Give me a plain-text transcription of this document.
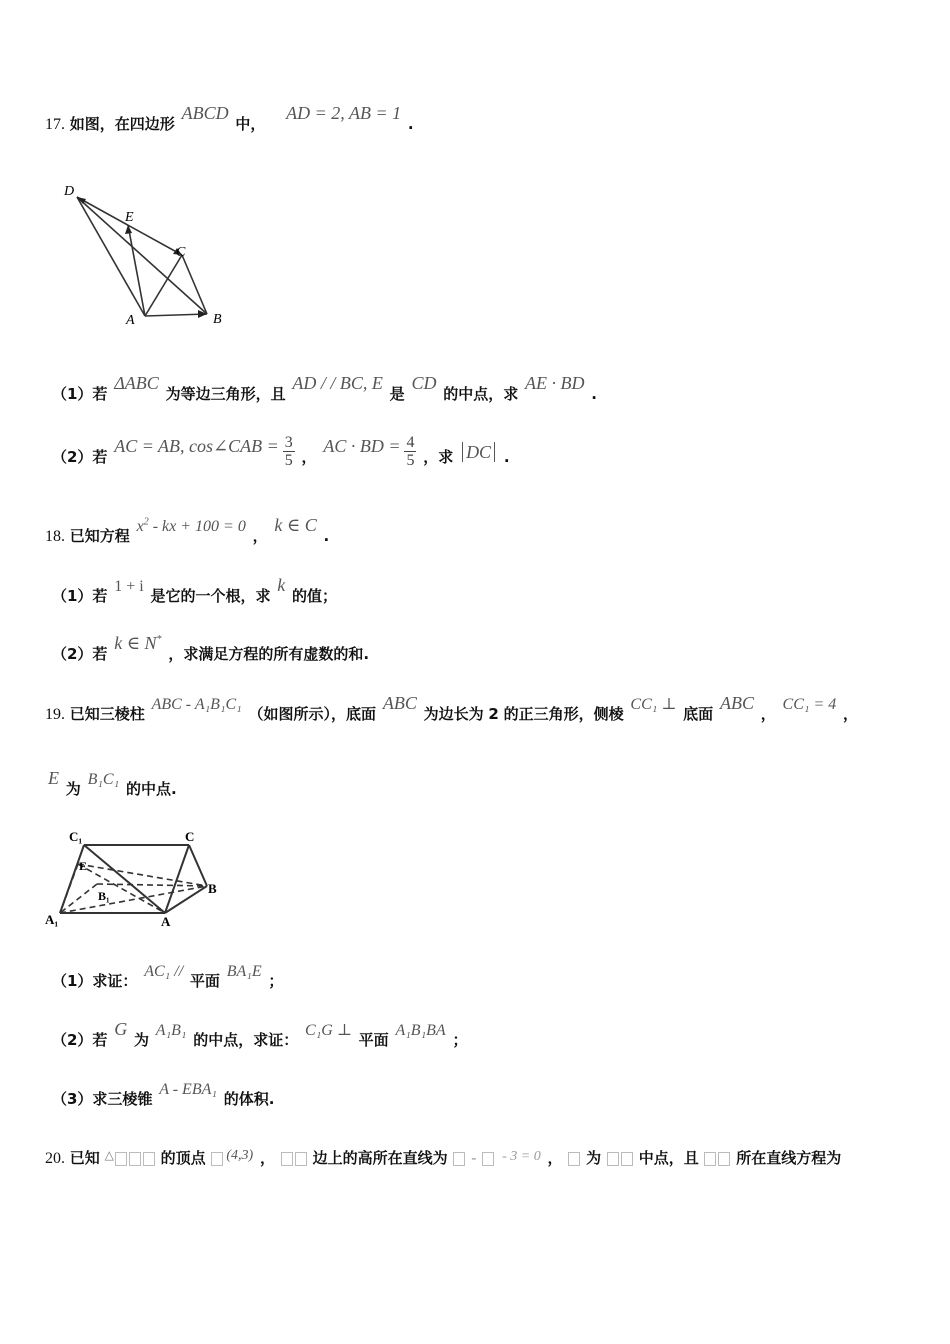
17. 如图，在四边形 ABCD 中， AD = 2, AB = 1 .
D
E
C
A	B
（1）若 ΔABC 为等边三角形，且 AD / / BC, E 是 CD 的中点，求 AE · BD .
（2）若 AC = AB, cos∠CAB = $\frac{3}{5}$ ， AC · BD = $\frac{4}{5}$ ，求 DC .
18. 已知方程 $x^2$ - kx + 100 = 0 ， k ∈ C .
（1）若 1 + i 是它的一个根，求 k 的值；
（2）若 k ∈ N* ，求满足方程的所有虚数的和.
19. 已知三棱柱 ABC - A₁B₁C₁ （如图所示），底面 ABC 为边长为 2 的正三角形，侧棱 CC₁ ⊥ 底面 ABC ， CC₁ = 4 ，
E 为 B₁C₁ 的中点.
C₁	C
E
B₁	B
A₁	A
（1）求证： AC₁ // 平面 BA₁E ；
（2）若 G 为 A₁B₁ 的中点，求证： C₁G ⊥ 平面 A₁B₁BA ；
（3）求三棱锥 A - EBA₁ 的体积.
20. 已知 △	的顶点 (4,3) ，	边上的高所在直线为 - - 3 = 0 ， 为	中点，且	所在直线方程为
